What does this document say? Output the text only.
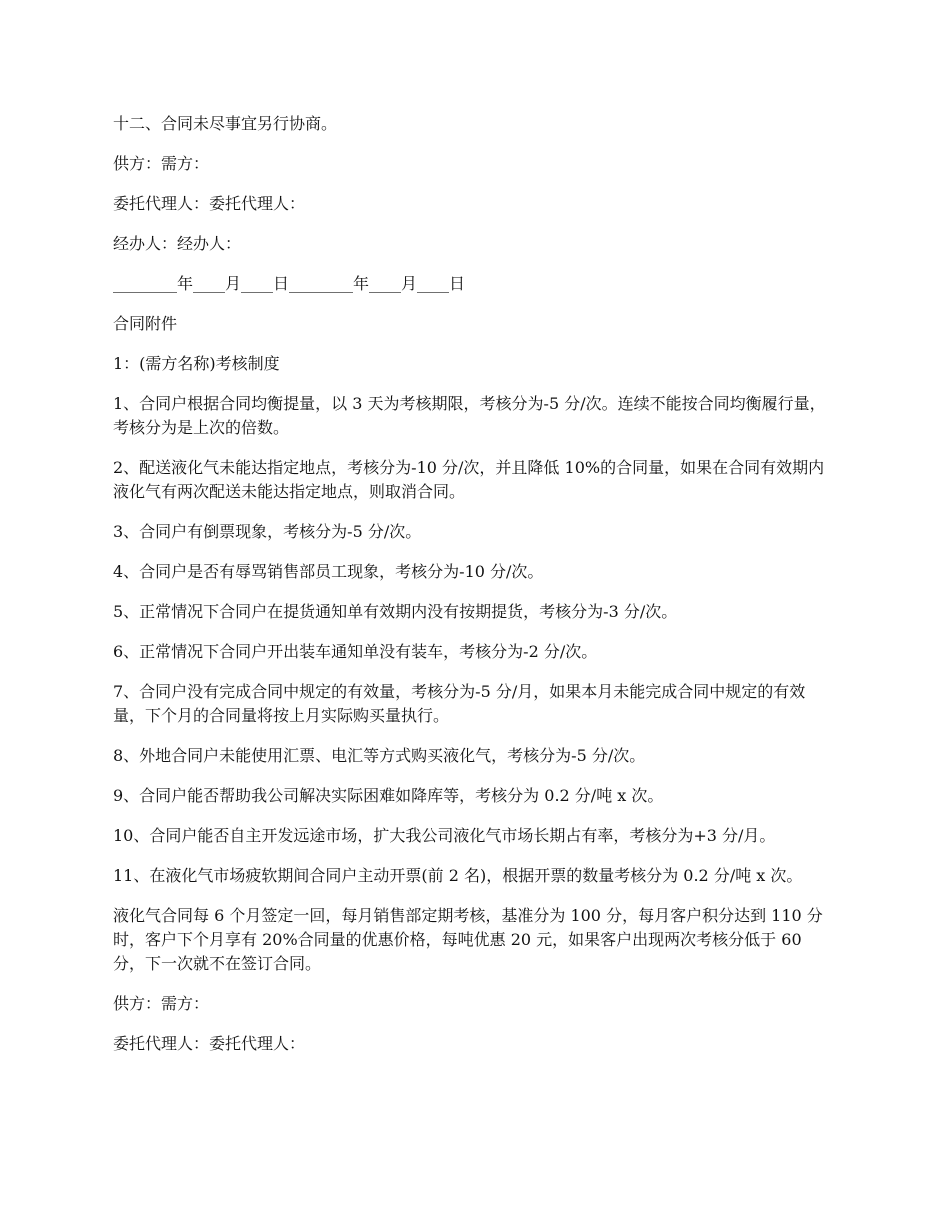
十二、合同未尽事宜另行协商。

供方：需方：

委托代理人：委托代理人：

经办人：经办人：

________年____月____日________年____月____日

合同附件

1：(需方名称)考核制度

1、合同户根据合同均衡提量，以 3 天为考核期限，考核分为-5 分/次。连续不能按合同均衡履行量，考核分为是上次的倍数。

2、配送液化气未能达指定地点，考核分为-10 分/次，并且降低 10%的合同量，如果在合同有效期内液化气有两次配送未能达指定地点，则取消合同。

3、合同户有倒票现象，考核分为-5 分/次。

4、合同户是否有辱骂销售部员工现象，考核分为-10 分/次。

5、正常情况下合同户在提货通知单有效期内没有按期提货，考核分为-3 分/次。

6、正常情况下合同户开出装车通知单没有装车，考核分为-2 分/次。

7、合同户没有完成合同中规定的有效量，考核分为-5 分/月，如果本月未能完成合同中规定的有效量，下个月的合同量将按上月实际购买量执行。

8、外地合同户未能使用汇票、电汇等方式购买液化气，考核分为-5 分/次。

9、合同户能否帮助我公司解决实际困难如降库等，考核分为 0.2 分/吨 x 次。

10、合同户能否自主开发远途市场，扩大我公司液化气市场长期占有率，考核分为+3 分/月。

11、在液化气市场疲软期间合同户主动开票(前 2 名)，根据开票的数量考核分为 0.2 分/吨 x 次。

液化气合同每 6 个月签定一回，每月销售部定期考核，基准分为 100 分，每月客户积分达到 110 分时，客户下个月享有 20%合同量的优惠价格，每吨优惠 20 元，如果客户出现两次考核分低于 60 分，下一次就不在签订合同。

供方：需方：

委托代理人：委托代理人：
